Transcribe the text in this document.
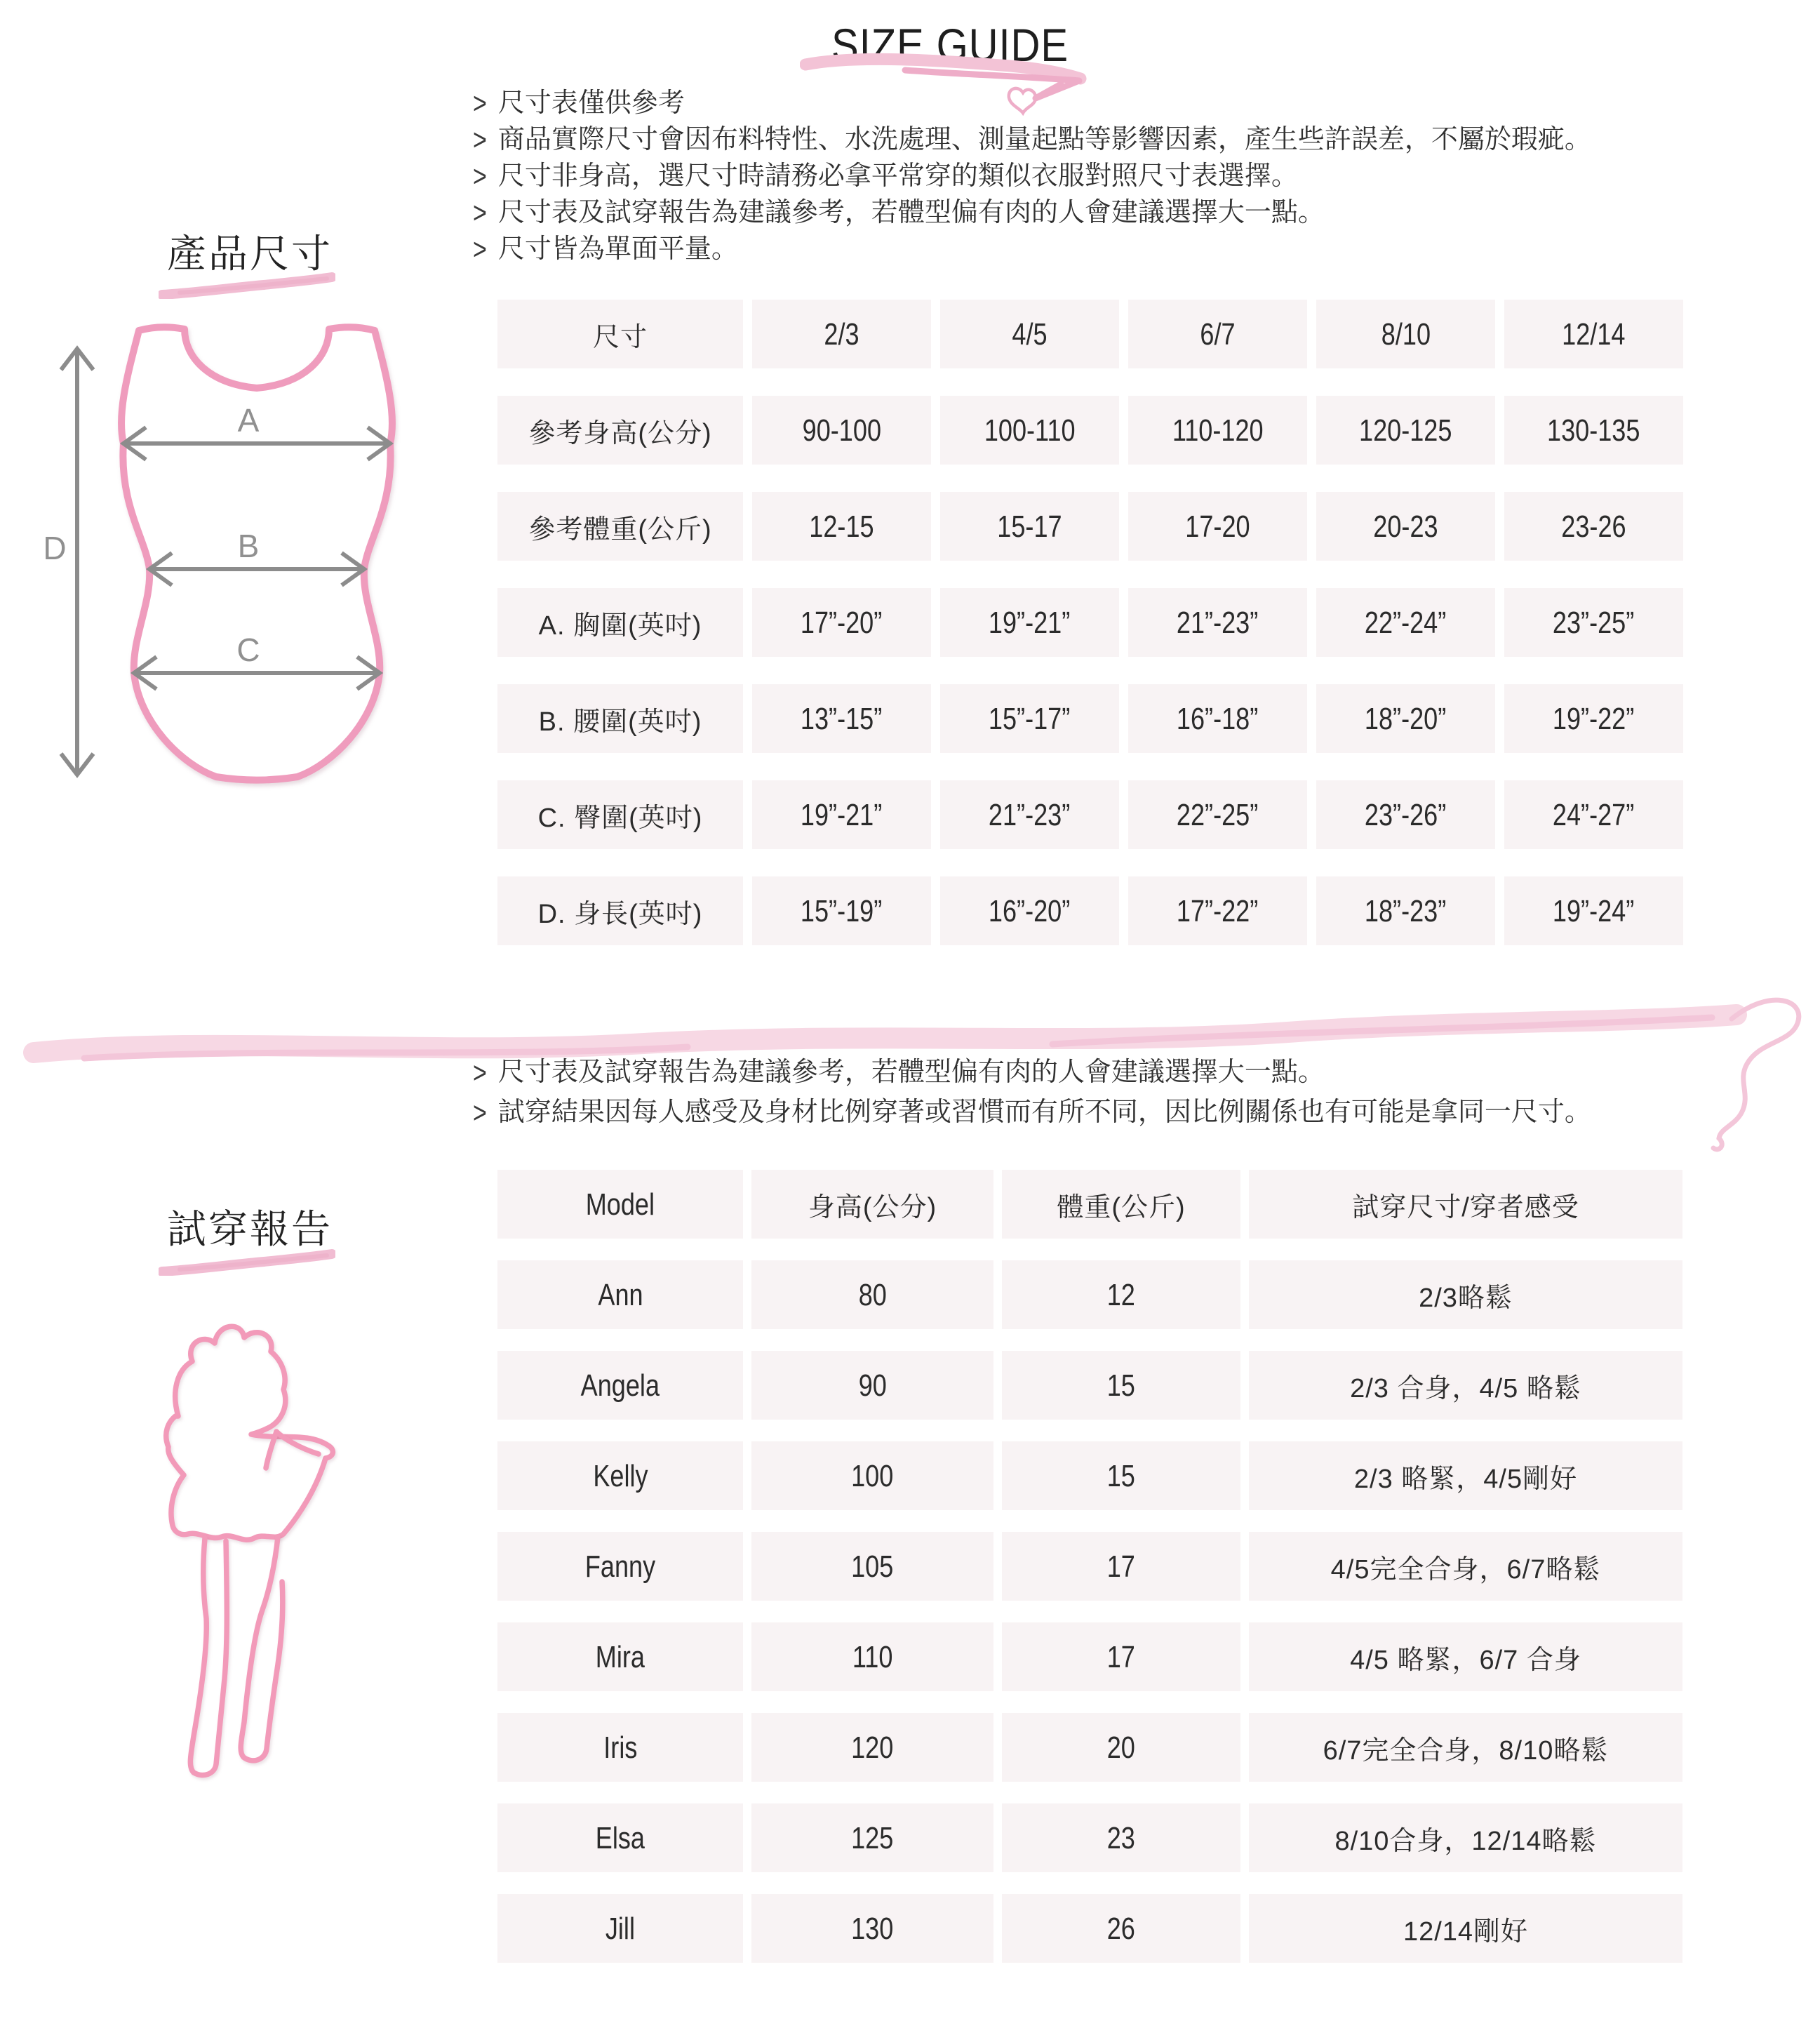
SIZE GUIDE
> 尺寸表僅供參考
> 商品實際尺寸會因布料特性、水洗處理、測量起點等影響因素，產生些許誤差，不屬於瑕疵。
> 尺寸非身高，選尺寸時請務必拿平常穿的類似衣服對照尺寸表選擇。
> 尺寸表及試穿報告為建議參考，若體型偏有肉的人會建議選擇大一點。
> 尺寸皆為單面平量。
產品尺寸
A
B
C
D
尺寸	2/3	4/5	6/7	8/10	12/14
參考身高(公分)	90-100	100-110	110-120	120-125	130-135
參考體重(公斤)	12-15	15-17	17-20	20-23	23-26
A. 胸圍(英吋)	17”-20”	19”-21”	21”-23”	22”-24”	23”-25”
B. 腰圍(英吋)	13”-15”	15”-17”	16”-18”	18”-20”	19”-22”
C. 臀圍(英吋)	19”-21”	21”-23”	22”-25”	23”-26”	24”-27”
D. 身長(英吋)	15”-19”	16”-20”	17”-22”	18”-23”	19”-24”
> 尺寸表及試穿報告為建議參考，若體型偏有肉的人會建議選擇大一點。
> 試穿結果因每人感受及身材比例穿著或習慣而有所不同，因比例關係也有可能是拿同一尺寸。
試穿報告
Model	身高(公分)	體重(公斤)	試穿尺寸/穿者感受
Ann	80	12	2/3略鬆
Angela	90	15	2/3 合身，4/5 略鬆
Kelly	100	15	2/3 略緊，4/5剛好
Fanny	105	17	4/5完全合身，6/7略鬆
Mira	110	17	4/5 略緊，6/7 合身
Iris	120	20	6/7完全合身，8/10略鬆
Elsa	125	23	8/10合身，12/14略鬆
Jill	130	26	12/14剛好
